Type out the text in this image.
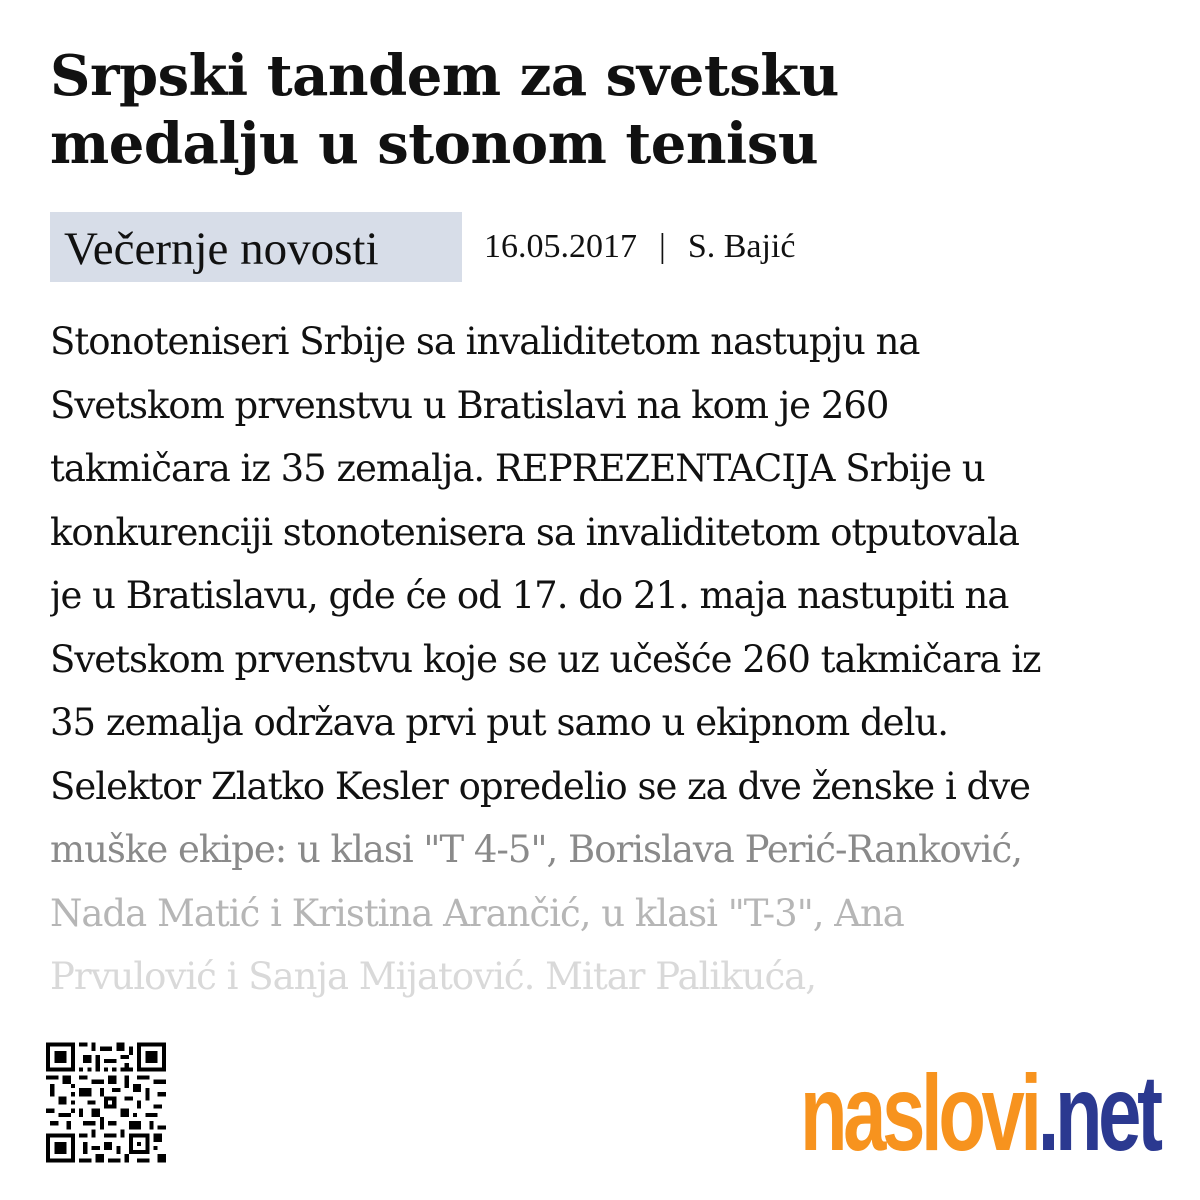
Srpski tandem za svetsku
medalju u stonom tenisu
Večernje novosti	16.05.2017 | S. Bajić
Stonoteniseri Srbije sa invaliditetom nastupju na
Svetskom prvenstvu u Bratislavi na kom je 260
takmičara iz 35 zemalja. REPREZENTACIJA Srbije u
konkurenciji stonotenisera sa invaliditetom otputovala
je u Bratislavu, gde će od 17. do 21. maja nastupiti na
Svetskom prvenstvu koje se uz učešće 260 takmičara iz
35 zemalja održava prvi put samo u ekipnom delu.
Selektor Zlatko Kesler opredelio se za dve ženske i dve
muške ekipe: u klasi "T 4-5", Borislava Perić-Ranković,
Nada Matić i Kristina Arančić, u klasi "T-3", Ana
Prvulović i Sanja Mijatović. Mitar Palikuća,
naslovi.net
